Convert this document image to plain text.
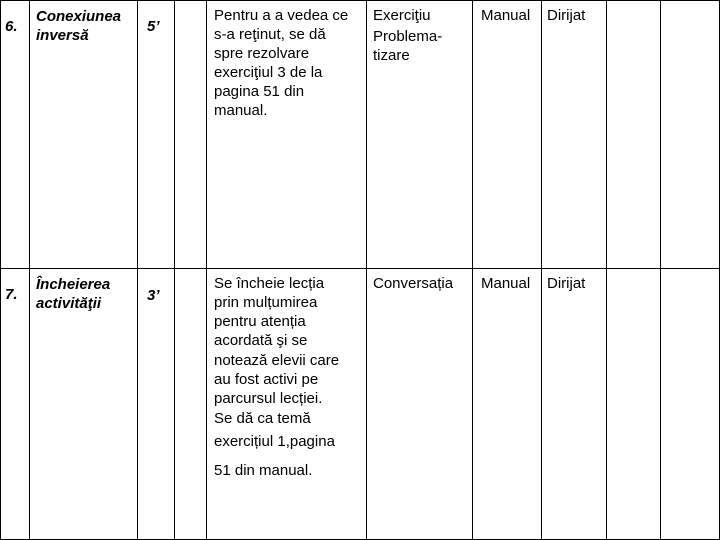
6.
Conexiunea
inversă
5’
Pentru a a vedea ce
s-a reţinut, se dă
spre rezolvare
exerciţiul 3 de la
pagina 51 din
manual.
Exerciţiu
Problema-
tizare
Manual Dirijat
7.
Încheierea
activităţii	3’
Se încheie lecția
prin mulțumirea
pentru atenția
acordată şi se
notează elevii care
au fost activi pe
parcursul lecției.
Se dă ca temă
exercițiul 1,pagina
51 din manual.
Conversația Manual Dirijat
